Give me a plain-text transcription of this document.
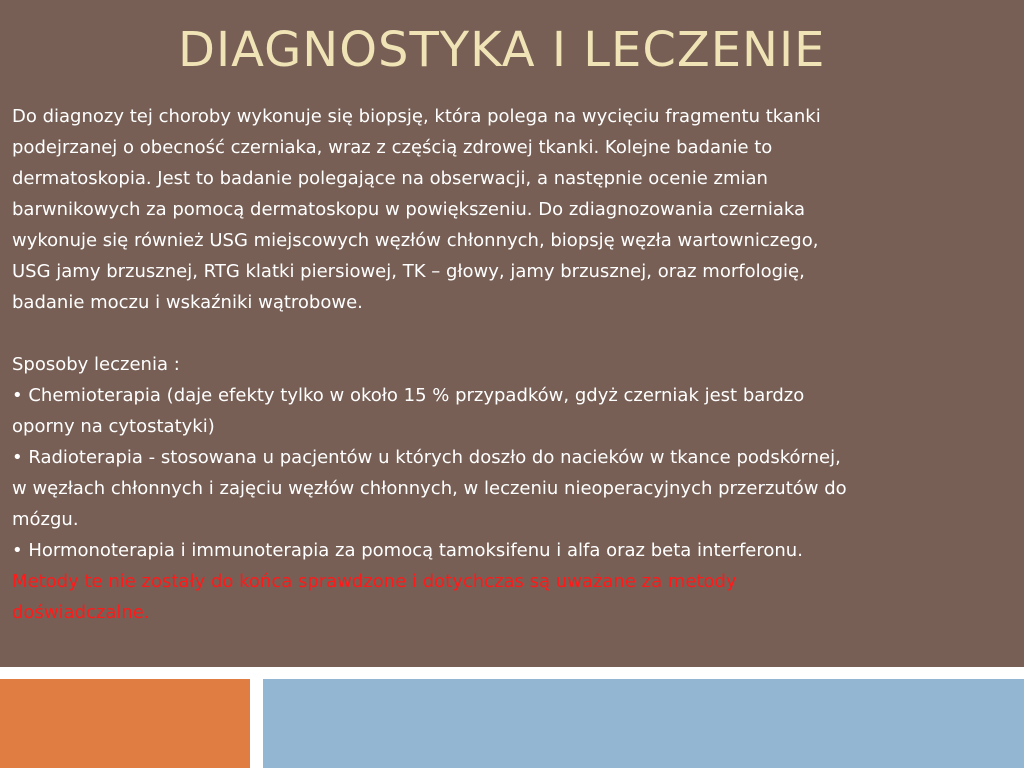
DIAGNOSTYKA I LECZENIE

Do diagnozy tej choroby wykonuje się biopsję, która polega na wycięciu fragmentu tkanki

podejrzanej o obecność czerniaka, wraz z częścią zdrowej tkanki. Kolejne badanie to

dermatoskopia. Jest to badanie polegające na obserwacji, a następnie ocenie zmian

barwnikowych za pomocą dermatoskopu w powiększeniu. Do zdiagnozowania czerniaka

wykonuje się również USG miejscowych węzłów chłonnych, biopsję węzła wartowniczego,

USG jamy brzusznej, RTG klatki piersiowej, TK – głowy, jamy brzusznej, oraz morfologię,

badanie moczu i wskaźniki wątrobowe.

Sposoby leczenia :

• Chemioterapia (daje efekty tylko w około 15 % przypadków, gdyż czerniak jest bardzo

oporny na cytostatyki)

• Radioterapia - stosowana u pacjentów u których doszło do nacieków w tkance podskórnej,

w węzłach chłonnych i zajęciu węzłów chłonnych, w leczeniu nieoperacyjnych przerzutów do

mózgu.

• Hormonoterapia i immunoterapia za pomocą tamoksifenu i alfa oraz beta interferonu.

Metody te nie zostały do końca sprawdzone i dotychczas są uważane za metody

doświadczalne.
